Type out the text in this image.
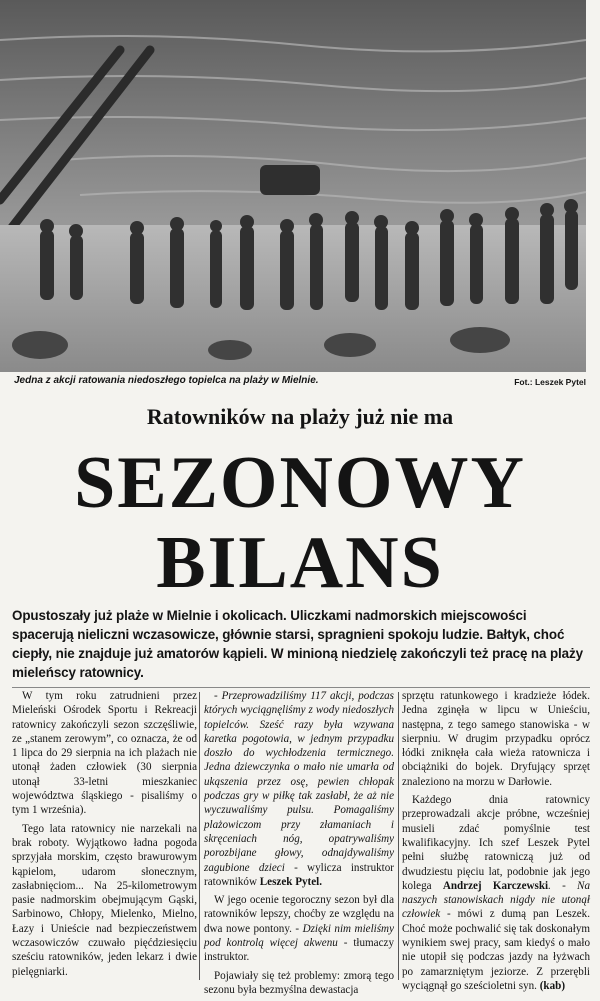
Jedna z akcji ratowania niedoszłego topielca na plaży w Mielnie.	Fot.: Leszek Pytel
Ratowników na plaży już nie ma
SEZONOWY
BILANS
Opustoszały już plaże w Mielnie i okolicach. Uliczkami nadmorskich miejscowości spacerują nieliczni wczasowicze, głównie starsi, spragnieni spokoju ludzie. Bałtyk, choć ciepły, nie znajduje już amatorów kąpieli. W minioną niedzielę zakończyli też pracę na plaży mieleńscy ratownicy.

W tym roku zatrudnieni przez Mieleński Ośrodek Sportu i Rekreacji ratownicy zakończyli sezon szczęśliwie, ze „stanem zerowym”, co oznacza, że od 1 lipca do 29 sierpnia na ich plażach nie utonął żaden człowiek (30 sierpnia utonął 33-letni mieszkaniec województwa śląskiego - pisaliśmy o tym 1 września).

Tego lata ratownicy nie narzekali na brak roboty. Wyjątkowo ładna pogoda sprzyjała morskim, często brawurowym kąpielom, udarom słonecznym, zasłabnięciom... Na 25-kilometrowym pasie nadmorskim obejmującym Gąski, Sarbinowo, Chłopy, Mielenko, Mielno, Łazy i Unieście nad bezpieczeństwem wczasowiczów czuwało pięćdziesięciu sześciu ratowników, jeden lekarz i dwie pielęgniarki.

- Przeprowadziliśmy 117 akcji, podczas których wyciągnęliśmy z wody niedoszłych topielców. Sześć razy była wzywana karetka pogotowia, w jednym przypadku doszło do wychłodzenia termicznego. Jedna dziewczynka o mało nie umarła od ukąszenia przez osę, pewien chłopak podczas gry w piłkę tak zasłabł, że aż nie wyczuwaliśmy pulsu. Pomagaliśmy plażowiczom przy złamaniach i skręceniach nóg, opatrywaliśmy porozbijane głowy, odnajdywaliśmy zagubione dzieci - wylicza instruktor ratowników Leszek Pytel.

W jego ocenie tegoroczny sezon był dla ratowników lepszy, choćby ze względu na dwa nowe pontony. - Dzięki nim mieliśmy pod kontrolą więcej akwenu - tłumaczy instruktor.

Pojawiały się też problemy: zmorą tego sezonu była bezmyślna dewastacja

sprzętu ratunkowego i kradzieże łódek. Jedna zginęła w lipcu w Unieściu, następna, z tego samego stanowiska - w sierpniu. W drugim przypadku oprócz łódki zniknęła cała wieża ratownicza i obciążniki do bojek. Dryfujący sprzęt znaleziono na morzu w Darłowie.

Każdego dnia ratownicy przeprowadzali akcje próbne, wcześniej musieli zdać pomyślnie test kwalifikacyjny. Ich szef Leszek Pytel pełni służbę ratowniczą już od dwudziestu pięciu lat, podobnie jak jego kolega Andrzej Karczewski. - Na naszych stanowiskach nigdy nie utonął człowiek - mówi z dumą pan Leszek. Choć może pochwalić się tak doskonałym wynikiem swej pracy, sam kiedyś o mało nie utopił się podczas jazdy na łyżwach po zamarzniętym jeziorze. Z przerębli wyciągnął go sześcioletni syn. (kab)
